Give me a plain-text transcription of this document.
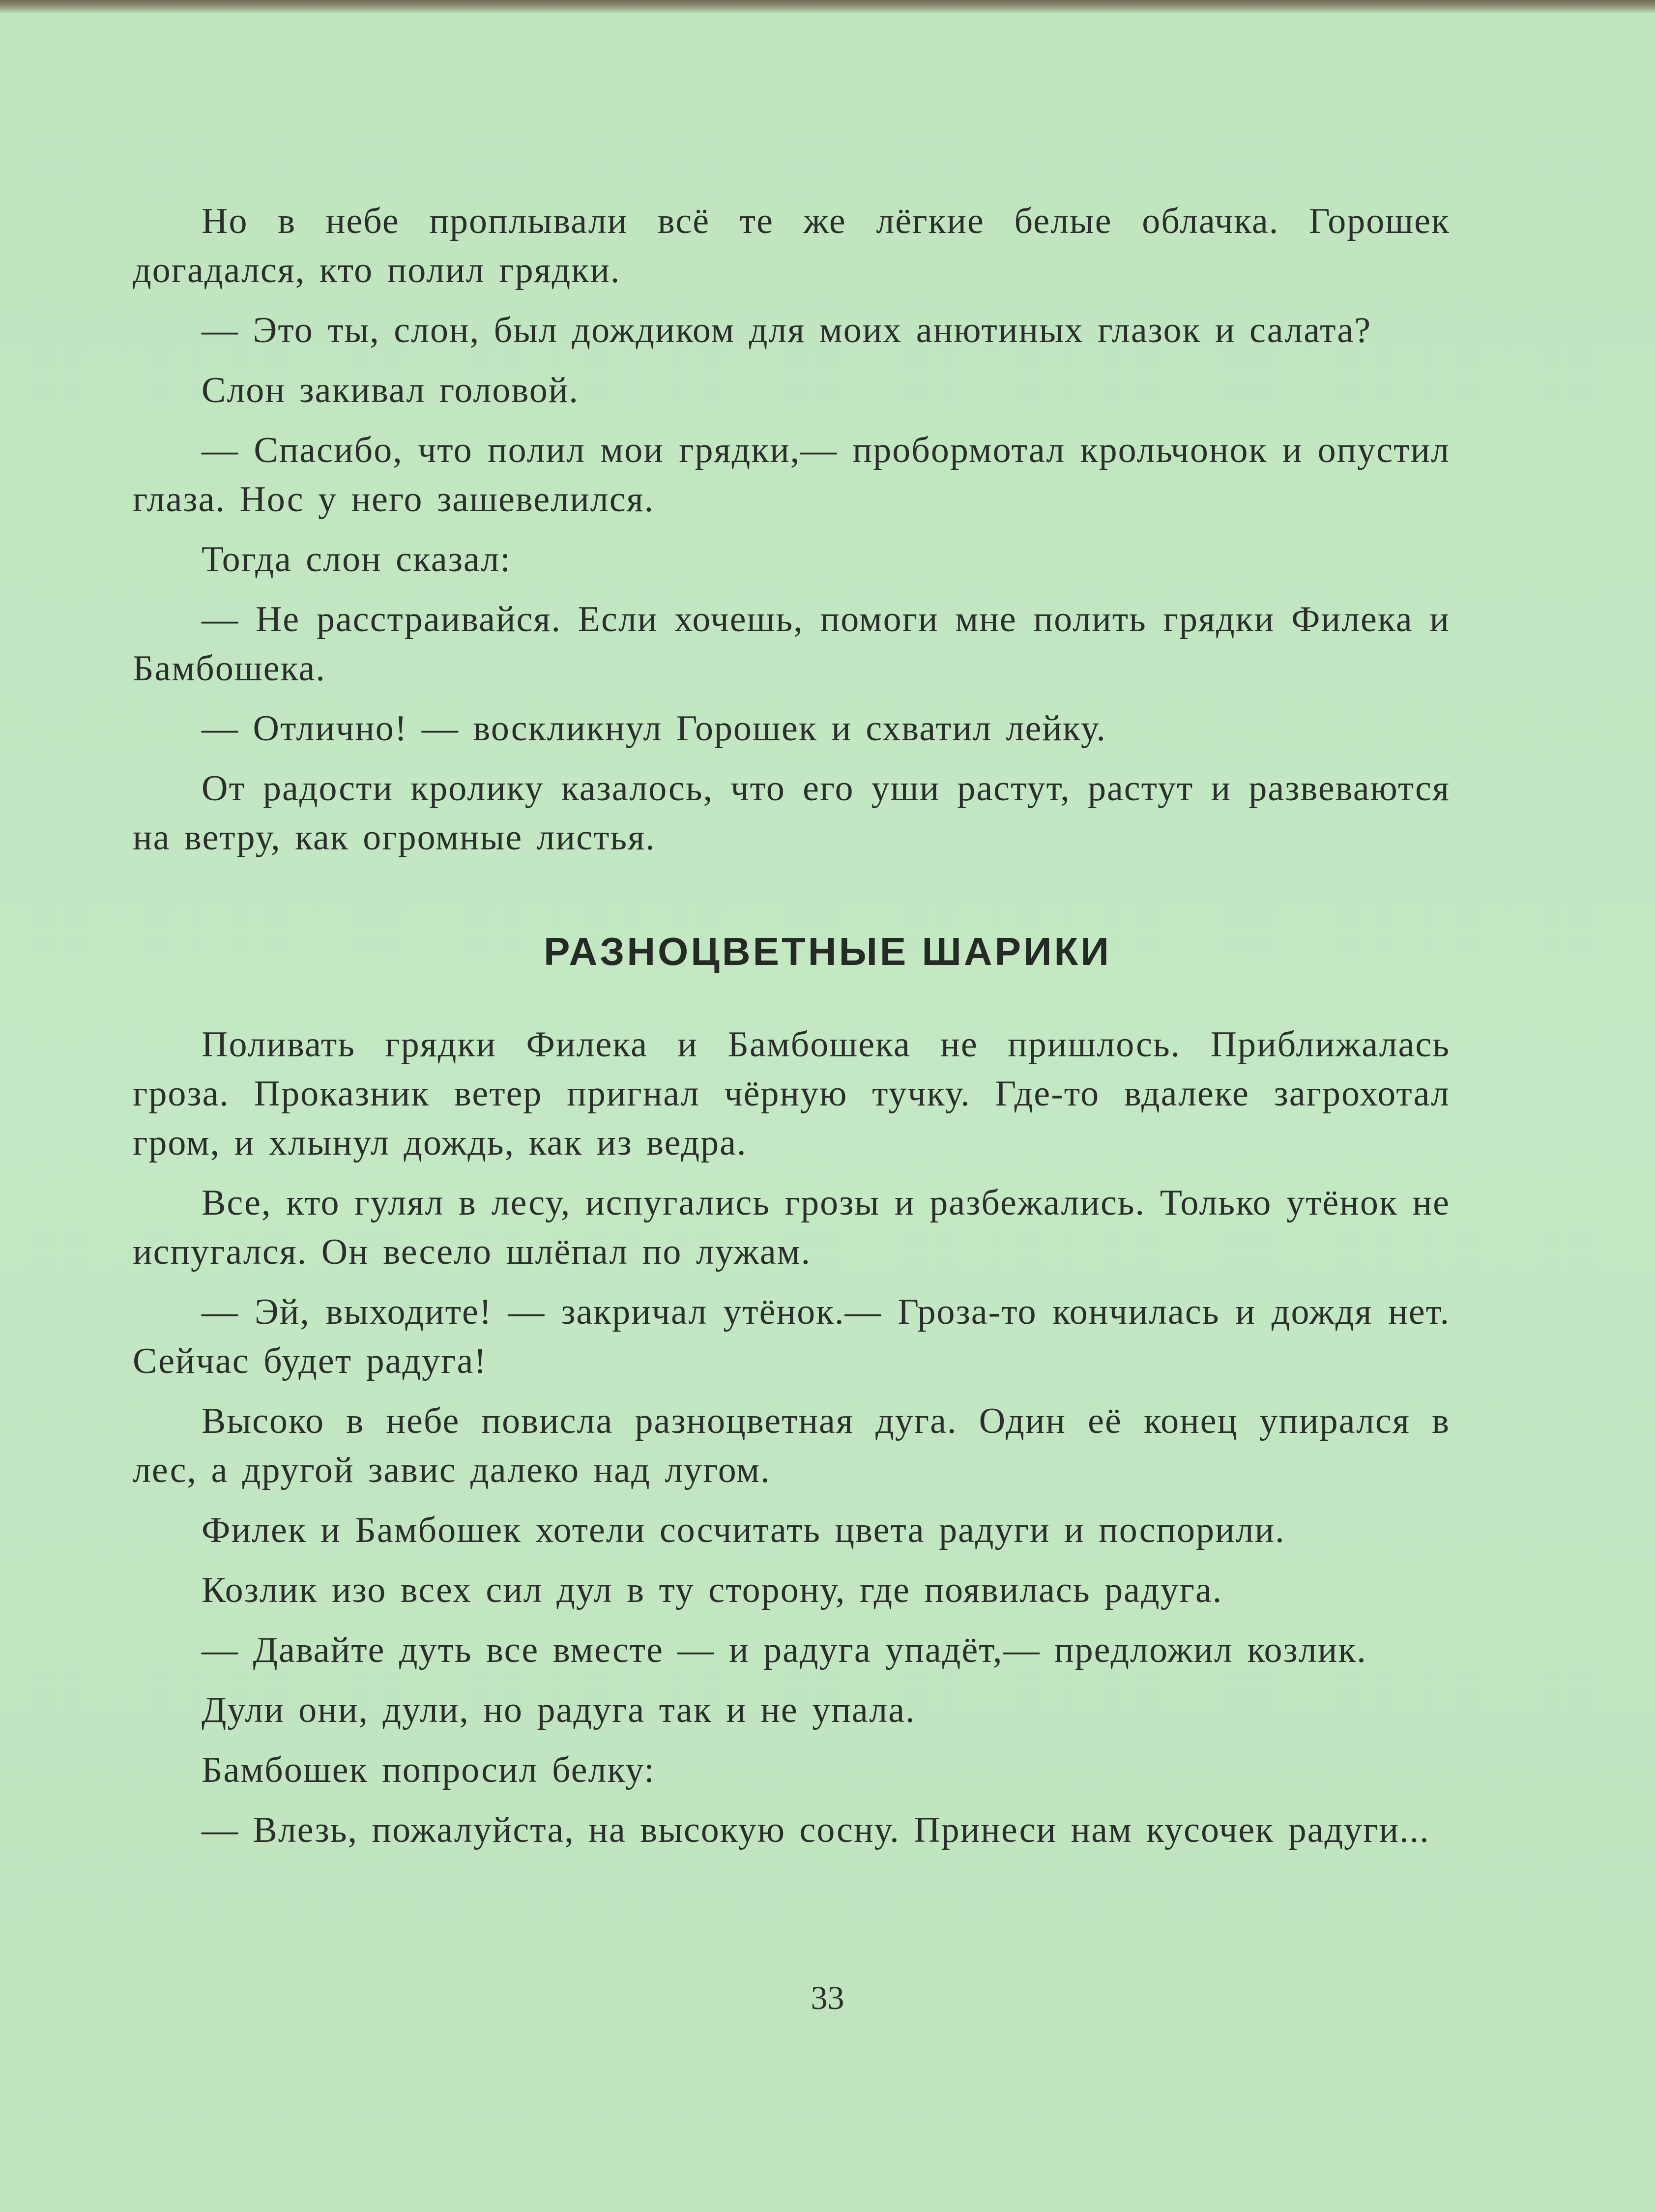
Но в небе проплывали всё те же лёгкие белые облачка. Горошек догадался, кто полил грядки.

— Это ты, слон, был дождиком для моих анютиных глазок и салата?

Слон закивал головой.

— Спасибо, что полил мои грядки,— пробормотал крольчонок и опустил глаза. Нос у него зашевелился.

Тогда слон сказал:

— Не расстраивайся. Если хочешь, помоги мне полить грядки Филека и Бамбошека.

— Отлично! — воскликнул Горошек и схватил лейку.

От радости кролику казалось, что его уши растут, растут и развеваются на ветру, как огромные листья.

РАЗНОЦВЕТНЫЕ ШАРИКИ

Поливать грядки Филека и Бамбошека не пришлось. Приближалась гроза. Проказник ветер пригнал чёрную тучку. Где-то вдалеке загрохотал гром, и хлынул дождь, как из ведра.

Все, кто гулял в лесу, испугались грозы и разбежались. Только утёнок не испугался. Он весело шлёпал по лужам.

— Эй, выходите! — закричал утёнок.— Гроза-то кончилась и дождя нет. Сейчас будет радуга!

Высоко в небе повисла разноцветная дуга. Один её конец упирался в лес, а другой завис далеко над лугом.

Филек и Бамбошек хотели сосчитать цвета радуги и поспорили.

Козлик изо всех сил дул в ту сторону, где появилась радуга.

— Давайте дуть все вместе — и радуга упадёт,— предложил козлик.

Дули они, дули, но радуга так и не упала.

Бамбошек попросил белку:

— Влезь, пожалуйста, на высокую сосну. Принеси нам кусочек радуги...

33
